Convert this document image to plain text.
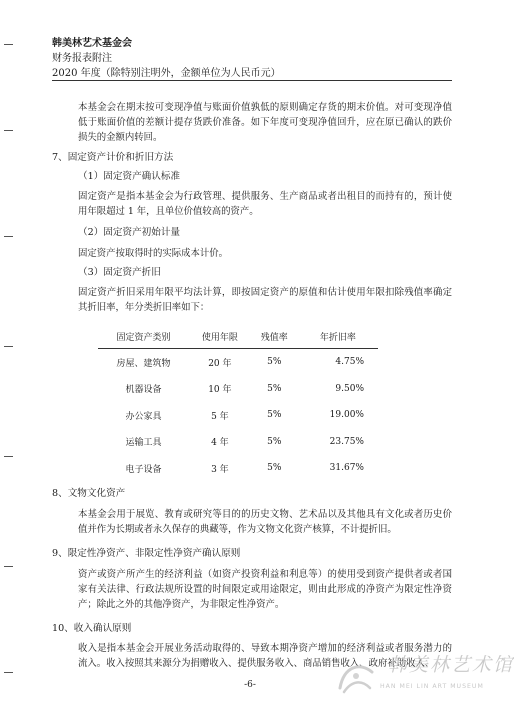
韩美林艺术基金会
财务报表附注
2020 年度（除特别注明外，金额单位为人民币元）
本基金会在期末按可变现净值与账面价值孰低的原则确定存货的期末价值。对可变现净值低于账面价值的差额计提存货跌价准备。如下年度可变现净值回升，应在原已确认的跌价损失的金额内转回。
7、固定资产计价和折旧方法
（1）固定资产确认标准
固定资产是指本基金会为行政管理、提供服务、生产商品或者出租目的而持有的，预计使用年限超过 1 年，且单位价值较高的资产。
（2）固定资产初始计量
固定资产按取得时的实际成本计价。
（3）固定资产折旧
固定资产折旧采用年限平均法计算，即按固定资产的原值和估计使用年限扣除残值率确定其折旧率，年分类折旧率如下：
固定资产类别	使用年限	残值率	年折旧率
房屋、建筑物	20 年	5%	4.75%
机器设备	10 年	5%	9.50%
办公家具	5 年	5%	19.00%
运输工具	4 年	5%	23.75%
电子设备	3 年	5%	31.67%
8、文物文化资产
本基金会用于展览、教育或研究等目的的历史文物、艺术品以及其他具有文化或者历史价值并作为长期或者永久保存的典藏等，作为文物文化资产核算，不计提折旧。
9、限定性净资产、非限定性净资产确认原则
资产或资产所产生的经济利益（如资产投资利益和利息等）的使用受到资产提供者或者国家有关法律、行政法规所设置的时间限定或用途限定，则由此形成的净资产为限定性净资产；除此之外的其他净资产，为非限定性净资产。
10、收入确认原则
收入是指本基金会开展业务活动取得的、导致本期净资产增加的经济利益或者服务潜力的流入。收入按照其来源分为捐赠收入、提供服务收入、商品销售收入、政府补助收入、
-6-
韩美林艺术馆
HAN MEI LIN ART MUSEUM
